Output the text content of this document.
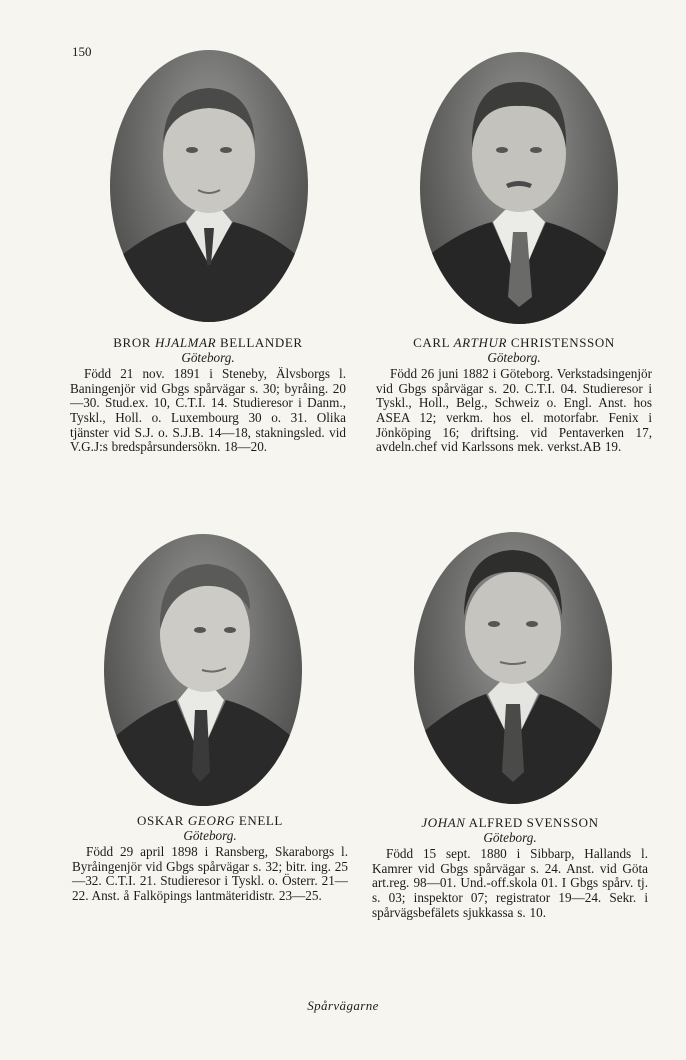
150
BROR HJALMAR BELLANDER
Göteborg.
Född 21 nov. 1891 i Steneby, Älvsborgs l. Baningenjör vid Gbgs spårvägar s. 30; byråing. 20—30. Stud.ex. 10, C.T.I. 14. Studieresor i Danm., Tyskl., Holl. o. Luxembourg 30 o. 31. Olika tjänster vid S.J. o. S.J.B. 14—18, stakningsled. vid V.G.J:s bredspårsundersökn. 18—20.
CARL ARTHUR CHRISTENSSON
Göteborg.
Född 26 juni 1882 i Göteborg. Verkstadsingenjör vid Gbgs spårvägar s. 20. C.T.I. 04. Studieresor i Tyskl., Holl., Belg., Schweiz o. Engl. Anst. hos ASEA 12; verkm. hos el. motorfabr. Fenix i Jönköping 16; driftsing. vid Pentaverken 17, avdeln.chef vid Karlssons mek. verkst.AB 19.
OSKAR GEORG ENELL
Göteborg.
Född 29 april 1898 i Ransberg, Skaraborgs l. Byråingenjör vid Gbgs spårvägar s. 32; bitr. ing. 25—32. C.T.I. 21. Studieresor i Tyskl. o. Österr. 21—22. Anst. å Falköpings lantmäteridistr. 23—25.
JOHAN ALFRED SVENSSON
Göteborg.
Född 15 sept. 1880 i Sibbarp, Hallands l. Kamrer vid Gbgs spårvägar s. 24. Anst. vid Göta art.reg. 98—01. Und.-off.skola 01. I Gbgs spårv. tj. s. 03; inspektor 07; registrator 19—24. Sekr. i spårvägsbefälets sjukkassa s. 10.
Spårvägarne
